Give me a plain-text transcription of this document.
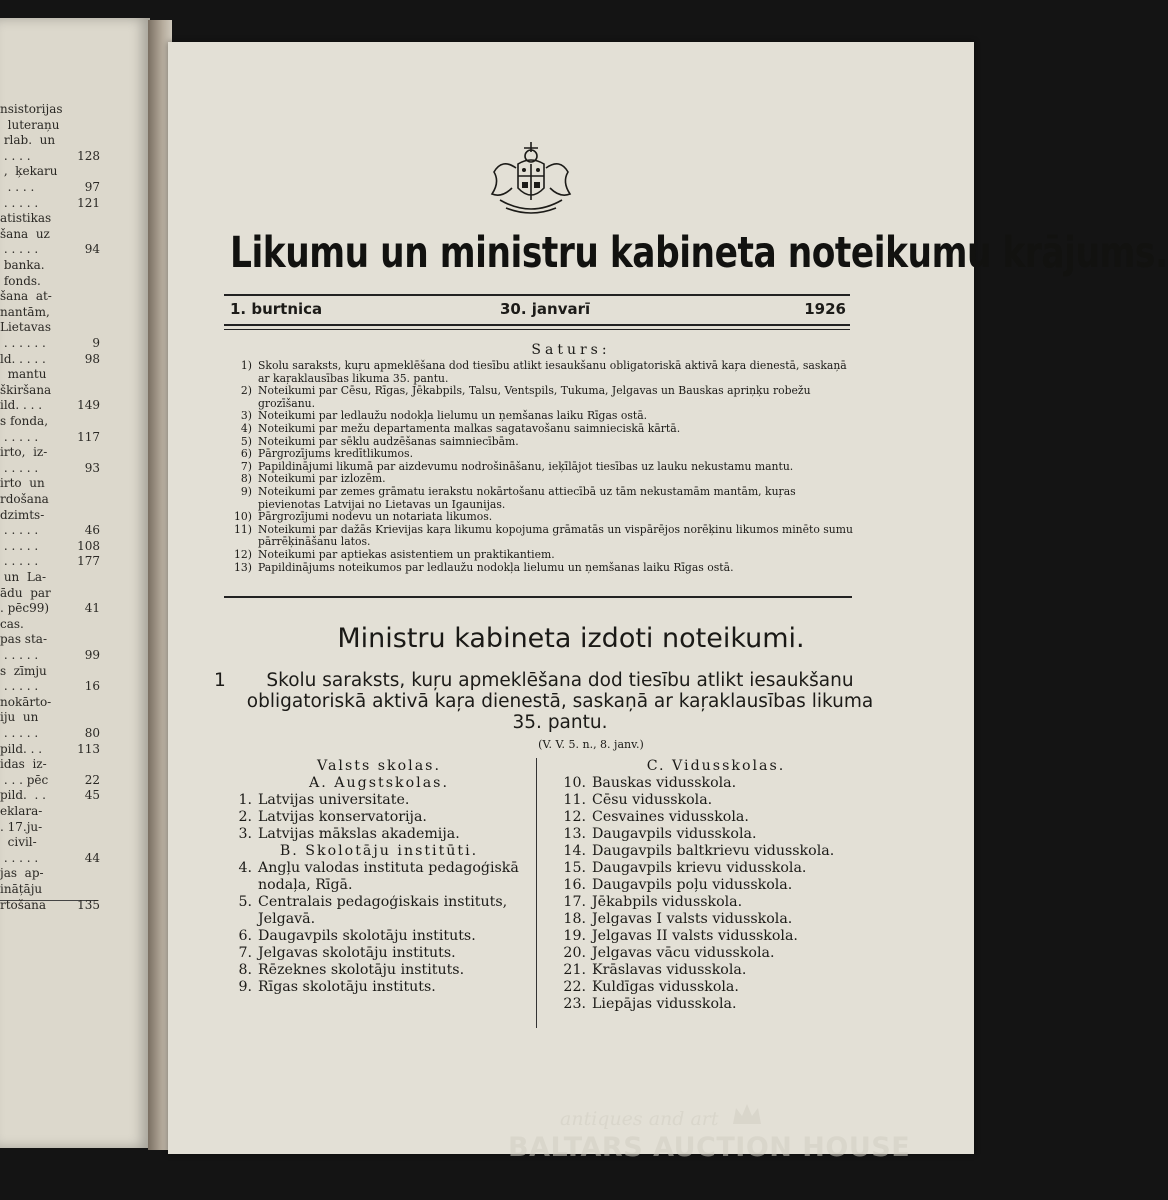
nsistorijas
luteraņu
rlab.  un
. . . .	128
,  ķekaru
. . . .	97
. . . . .	121
atistikas
šana  uz
. . . . .	94
banka.
fonds.
šana  at-
nantām,
Lietavas
. . . . . .	9
ld. . . . .	98
mantu
škiršana
ild. . . .	149
s fonda,
. . . . .	117
irto,  iz-
. . . . .	93
irto  un
rdošana
dzimts-
. . . . .	46
. . . . .	108
. . . . .	177
un  La-
ādu  par
. pēc99)	41
cas.
pas sta-
. . . . .	99
s  zīmju
. . . . .	16
nokārto-
iju  un
. . . . .	80
pild. . .	113
idas  iz-
. . . pēc	22
pild.  . .	45
eklara-
. 17.ju-
civil-
. . . . .	44
jas  ap-
ināțāju
rtošana	135
Likumu un ministru kabineta noteikumu krājums.
1. burtnica	30. janvarī	1926
Saturs:
1) Skolu saraksts, kuŗu apmeklēšana dod tiesību atlikt iesaukšanu obligatoriskā aktivā kaŗa dienestā, saskaņā ar kaŗaklausības likuma 35. pantu.
2) Noteikumi par Cēsu, Rīgas, Jēkabpils, Talsu, Ventspils, Tukuma, Jelgavas un Bauskas apriņķu robežu grozīšanu.
3) Noteikumi par ledlaužu nodokļa lielumu un ņemšanas laiku Rīgas ostā.
4) Noteikumi par mežu departamenta malkas sagatavošanu saimnieciskā kārtā.
5) Noteikumi par sēklu audzēšanas saimniecībām.
6) Pārgrozījums kredītlikumos.
7) Papildinājumi likumā par aizdevumu nodrošināšanu, ieķīlājot tiesības uz lauku nekustamu mantu.
8) Noteikumi par izlozēm.
9) Noteikumi par zemes grāmatu ierakstu nokārtošanu attiecībā uz tām nekustamām mantām, kuŗas pievienotas Latvijai no Lietavas un Igaunijas.
10) Pārgrozījumi nodevu un notariata likumos.
11) Noteikumi par dažās Krievijas kaŗa likumu kopojuma grāmatās un vispārējos norēķinu likumos minēto sumu pārrēķināšanu latos.
12) Noteikumi par aptiekas asistentiem un praktikantiem.
13) Papildinājums noteikumos par ledlaužu nodokļa lielumu un ņemšanas laiku Rīgas ostā.
Ministru kabineta izdoti noteikumi.
1	Skolu saraksts, kuŗu apmeklēšana dod tiesību atlikt iesaukšanu obligatoriskā aktivā kaŗa dienestā, saskaņā ar kaŗaklausības likuma 35. pantu.
(V. V. 5. n., 8. janv.)
Valsts skolas.
A. Augstskolas.
1. Latvijas universitate.
2. Latvijas konservatorija.
3. Latvijas mākslas akademija.
B. Skolotāju institūti.
4. Angļu valodas instituta pedagoģiskā nodaļa, Rīgā.
5. Centralais pedagoģiskais instituts, Jelgavā.
6. Daugavpils skolotāju instituts.
7. Jelgavas skolotāju instituts.
8. Rēzeknes skolotāju instituts.
9. Rīgas skolotāju instituts.
C. Vidusskolas.
10. Bauskas vidusskola.
11. Cēsu vidusskola.
12. Cesvaines vidusskola.
13. Daugavpils vidusskola.
14. Daugavpils baltkrievu vidusskola.
15. Daugavpils krievu vidusskola.
16. Daugavpils poļu vidusskola.
17. Jēkabpils vidusskola.
18. Jelgavas I valsts vidusskola.
19. Jelgavas II valsts vidusskola.
20. Jelgavas vācu vidusskola.
21. Krāslavas vidusskola.
22. Kuldīgas vidusskola.
23. Liepājas vidusskola.
antiques and art
BALTARS AUCTION HOUSE
